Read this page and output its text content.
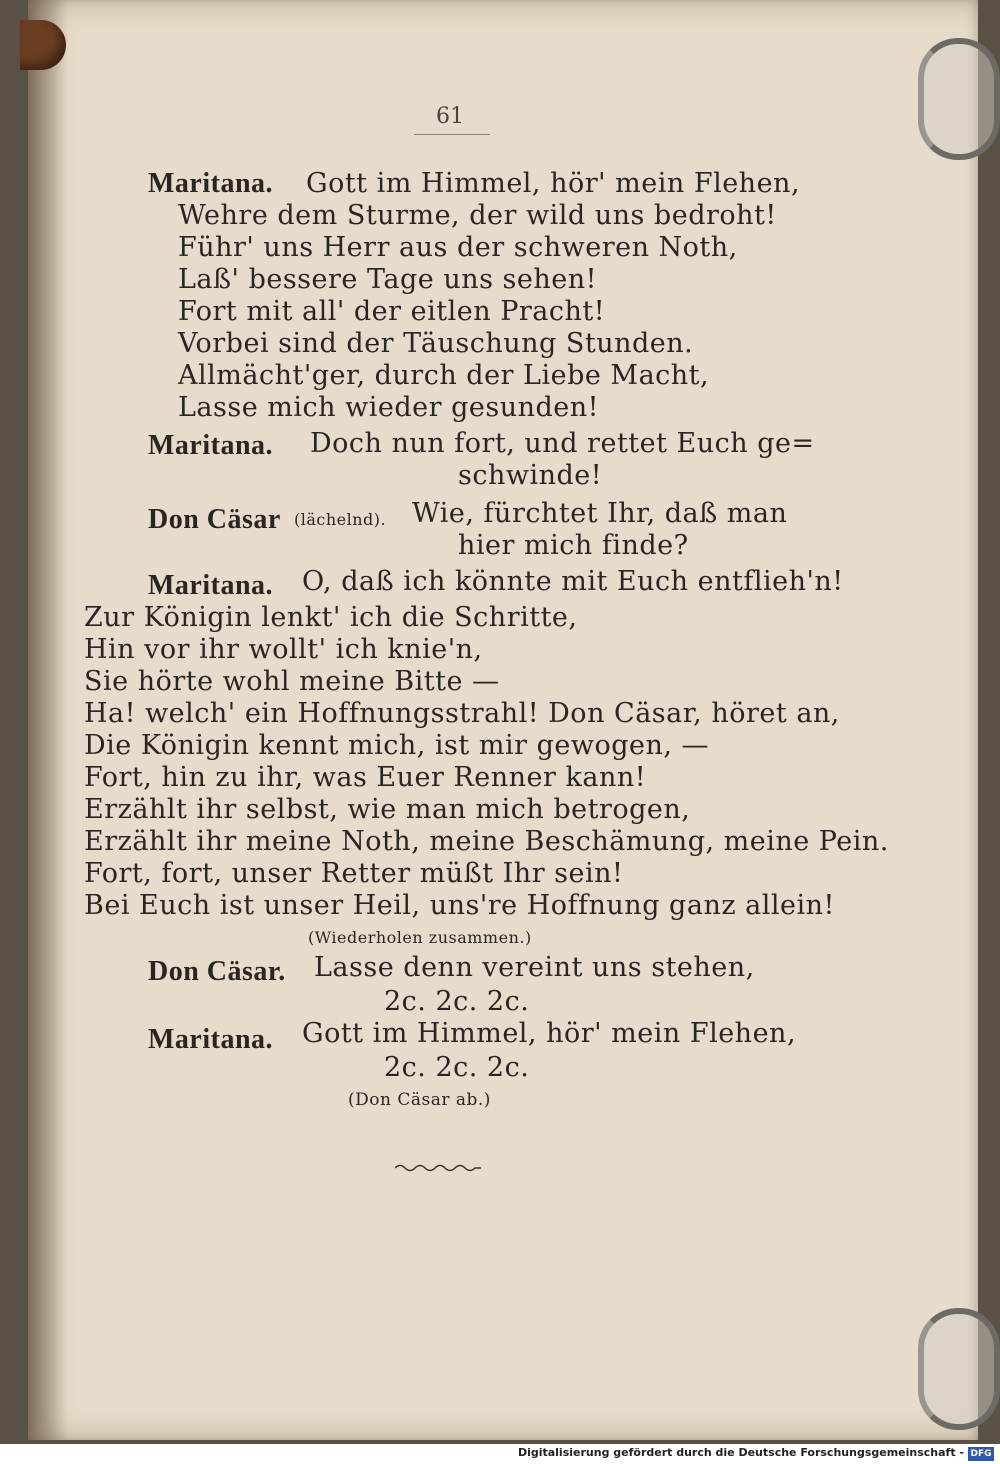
61
Maritana. Gott im Himmel, hör' mein Flehen,
Wehre dem Sturme, der wild uns bedroht!
Führ' uns Herr aus der schweren Noth,
Laß' bessere Tage uns sehen!
Fort mit all' der eitlen Pracht!
Vorbei sind der Täuschung Stunden.
Allmächt'ger, durch der Liebe Macht,
Lasse mich wieder gesunden!
Maritana. Doch nun fort, und rettet Euch ge=
schwinde!
Don Cäsar (lächelnd). Wie, fürchtet Ihr, daß man
hier mich finde?
Maritana. O, daß ich könnte mit Euch entflieh'n!
Zur Königin lenkt' ich die Schritte,
Hin vor ihr wollt' ich knie'n,
Sie hörte wohl meine Bitte —
Ha! welch' ein Hoffnungsstrahl! Don Cäsar, höret an,
Die Königin kennt mich, ist mir gewogen, —
Fort, hin zu ihr, was Euer Renner kann!
Erzählt ihr selbst, wie man mich betrogen,
Erzählt ihr meine Noth, meine Beschämung, meine Pein.
Fort, fort, unser Retter müßt Ihr sein!
Bei Euch ist unser Heil, uns're Hoffnung ganz allein!
(Wiederholen zusammen.)
Don Cäsar. Lasse denn vereint uns stehen,
2c. 2c. 2c.
Maritana. Gott im Himmel, hör' mein Flehen,
2c. 2c. 2c.
(Don Cäsar ab.)
Digitalisierung gefördert durch die Deutsche Forschungsgemeinschaft - DFG
